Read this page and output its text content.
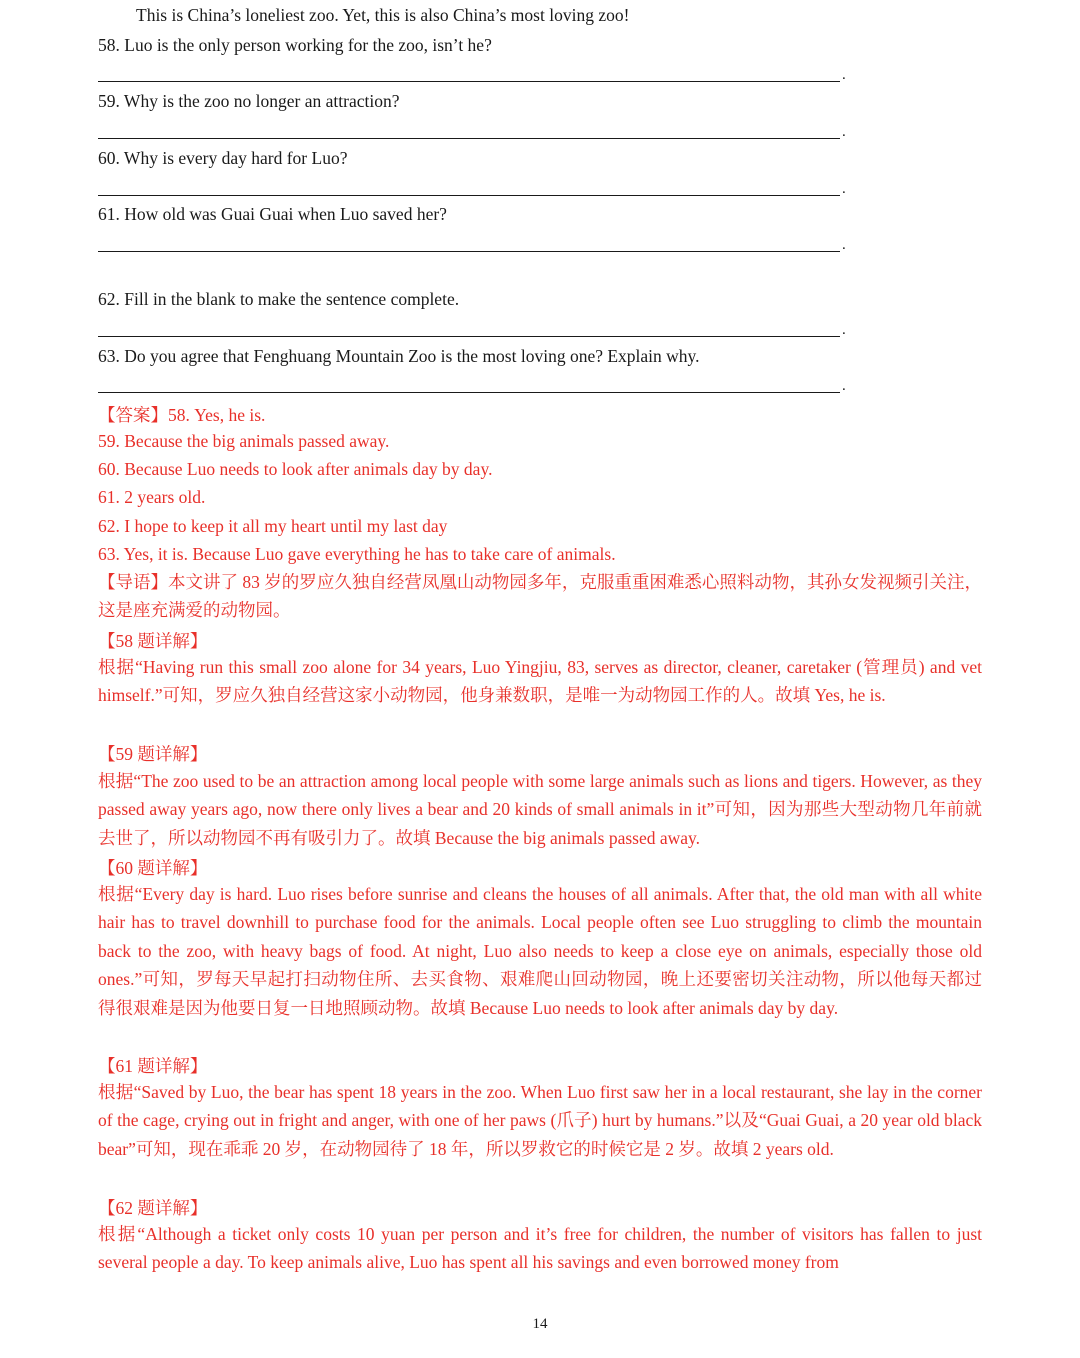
This is China’s loneliest zoo. Yet, this is also China’s most loving zoo!
58. Luo is the only person working for the zoo, isn’t he?
.
59. Why is the zoo no longer an attraction?
.
60. Why is every day hard for Luo?
.
61. How old was Guai Guai when Luo saved her?
.
62. Fill in the blank to make the sentence complete.
.
63. Do you agree that Fenghuang Mountain Zoo is the most loving one? Explain why.
.
【答案】58. Yes, he is.
59. Because the big animals passed away.
60. Because Luo needs to look after animals day by day.
61. 2 years old.
62. I hope to keep it all my heart until my last day
63. Yes, it is. Because Luo gave everything he has to take care of animals.

【导语】本文讲了 83 岁的罗应久独自经营凤凰山动物园多年，克服重重困难悉心照料动物，其孙女发视频引关注，这是座充满爱的动物园。

【58 题详解】

根据“Having run this small zoo alone for 34 years, Luo Yingjiu, 83, serves as director, cleaner, caretaker (管理员) and vet himself.”可知，罗应久独自经营这家小动物园，他身兼数职，是唯一为动物园工作的人。故填 Yes, he is.

【59 题详解】

根据“The zoo used to be an attraction among local people with some large animals such as lions and tigers. However, as they passed away years ago, now there only lives a bear and 20 kinds of small animals in it”可知，因为那些大型动物几年前就去世了，所以动物园不再有吸引力了。故填 Because the big animals passed away.

【60 题详解】

根据“Every day is hard. Luo rises before sunrise and cleans the houses of all animals. After that, the old man with all white hair has to travel downhill to purchase food for the animals. Local people often see Luo struggling to climb the mountain back to the zoo, with heavy bags of food. At night, Luo also needs to keep a close eye on animals, especially those old ones.”可知，罗每天早起打扫动物住所、去买食物、艰难爬山回动物园，晚上还要密切关注动物，所以他每天都过得很艰难是因为他要日复一日地照顾动物。故填 Because Luo needs to look after animals day by day.

【61 题详解】

根据“Saved by Luo, the bear has spent 18 years in the zoo. When Luo first saw her in a local restaurant, she lay in the corner of the cage, crying out in fright and anger, with one of her paws (爪子) hurt by humans.”以及“Guai Guai, a 20 year old black bear”可知，现在乖乖 20 岁，在动物园待了 18 年，所以罗救它的时候它是 2 岁。故填 2 years old.

【62 题详解】

根据“Although a ticket only costs 10 yuan per person and it’s free for children, the number of visitors has fallen to just several people a day. To keep animals alive, Luo has spent all his savings and even borrowed money from

14
